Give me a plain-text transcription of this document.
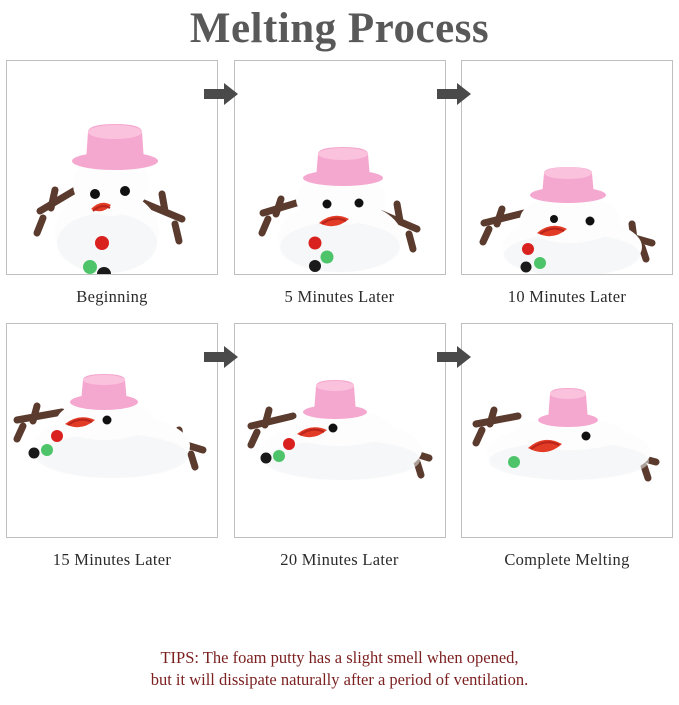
Melting Process
Beginning	5 Minutes Later	10 Minutes Later
15 Minutes Later	20 Minutes Later	Complete Melting
TIPS: The foam putty has a slight smell when opened,
but it will dissipate naturally after a period of ventilation.
